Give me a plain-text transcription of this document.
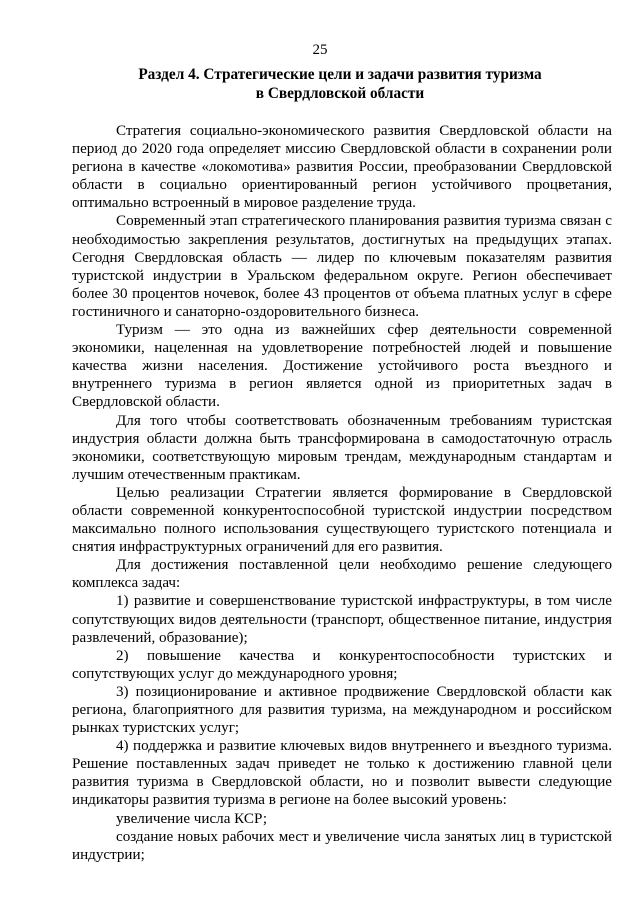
25
Раздел 4. Стратегические цели и задачи развития туризма
в Свердловской области

Стратегия социально-экономического развития Свердловской области на период до 2020 года определяет миссию Свердловской области в сохранении роли региона в качестве «локомотива» развития России, преобразовании Свердловской области в социально ориентированный регион устойчивого процветания, оптимально встроенный в мировое разделение труда.

Современный этап стратегического планирования развития туризма связан с необходимостью закрепления результатов, достигнутых на предыдущих этапах. Сегодня Свердловская область — лидер по ключевым показателям развития туристской индустрии в Уральском федеральном округе. Регион обеспечивает более 30 процентов ночевок, более 43 процентов от объема платных услуг в сфере гостиничного и санаторно-оздоровительного бизнеса.

Туризм — это одна из важнейших сфер деятельности современной экономики, нацеленная на удовлетворение потребностей людей и повышение качества жизни населения. Достижение устойчивого роста въездного и внутреннего туризма в регион является одной из приоритетных задач в Свердловской области.

Для того чтобы соответствовать обозначенным требованиям туристская индустрия области должна быть трансформирована в самодостаточную отрасль экономики, соответствующую мировым трендам, международным стандартам и лучшим отечественным практикам.

Целью реализации Стратегии является формирование в Свердловской области современной конкурентоспособной туристской индустрии посредством максимально полного использования существующего туристского потенциала и снятия инфраструктурных ограничений для его развития.

Для достижения поставленной цели необходимо решение следующего комплекса задач:

1) развитие и совершенствование туристской инфраструктуры, в том числе сопутствующих видов деятельности (транспорт, общественное питание, индустрия развлечений, образование);

2) повышение качества и конкурентоспособности туристских и сопутствующих услуг до международного уровня;

3) позиционирование и активное продвижение Свердловской области как региона, благоприятного для развития туризма, на международном и российском рынках туристских услуг;

4) поддержка и развитие ключевых видов внутреннего и въездного туризма. Решение поставленных задач приведет не только к достижению главной цели развития туризма в Свердловской области, но и позволит вывести следующие индикаторы развития туризма в регионе на более высокий уровень:

увеличение числа КСР;

создание новых рабочих мест и увеличение числа занятых лиц в туристской индустрии;
